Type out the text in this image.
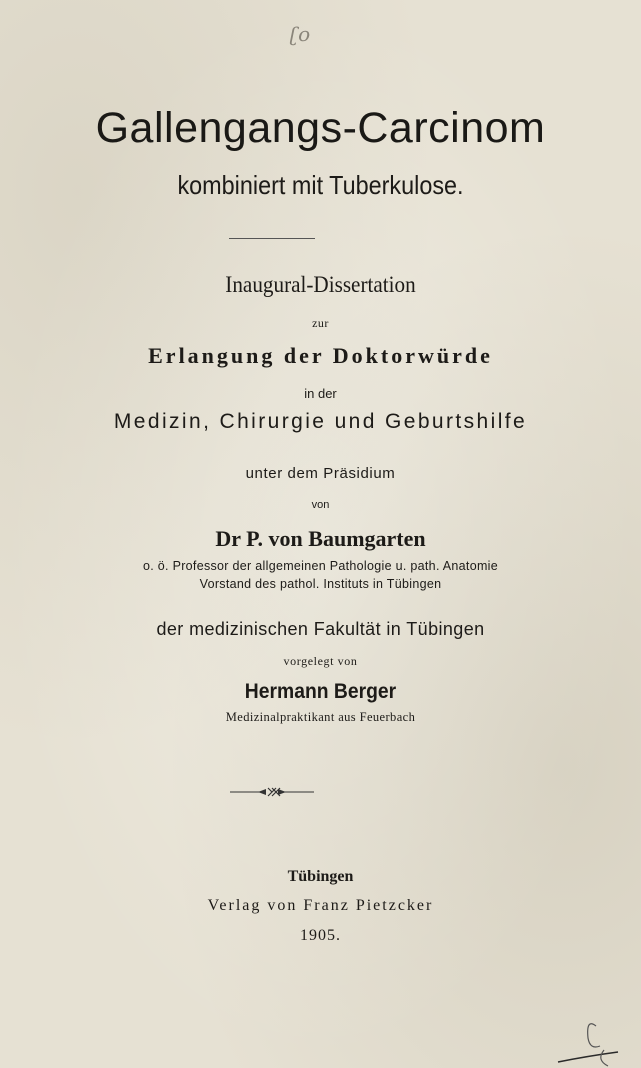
ʗo
Gallengangs-Carcinom
kombiniert mit Tuberkulose.
Inaugural-Dissertation
zur
Erlangung der Doktorwürde
in der
Medizin, Chirurgie und Geburtshilfe
unter dem Präsidium
von
Dr P. von Baumgarten
o. ö. Professor der allgemeinen Pathologie u. path. Anatomie
Vorstand des pathol. Instituts in Tübingen
der medizinischen Fakultät in Tübingen
vorgelegt von
Hermann Berger
Medizinalpraktikant aus Feuerbach
Tübingen
Verlag von Franz Pietzcker
1905.
